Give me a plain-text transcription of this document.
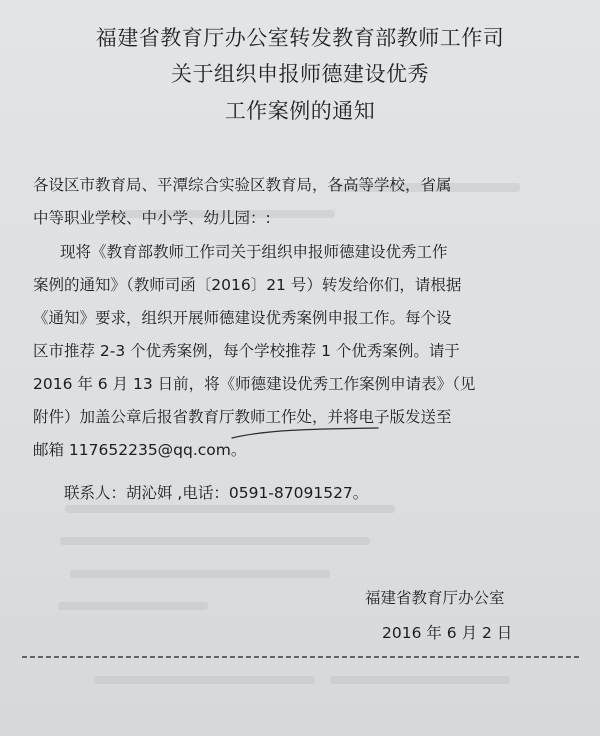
福建省教育厅办公室转发教育部教师工作司
关于组织申报师德建设优秀
工作案例的通知
各设区市教育局、平潭综合实验区教育局，各高等学校，省属
中等职业学校、中小学、幼儿园：:
现将《教育部教师工作司关于组织申报师德建设优秀工作
案例的通知》（教师司函〔2016〕21 号）转发给你们，请根据
《通知》要求，组织开展师德建设优秀案例申报工作。每个设
区市推荐 2-3 个优秀案例，每个学校推荐 1 个优秀案例。请于
2016 年 6 月 13 日前，将《师德建设优秀工作案例申请表》（见
附件）加盖公章后报省教育厅教师工作处，并将电子版发送至
邮箱 117652235@qq.com。
联系人：胡沁㛅 ,电话：0591-87091527。
福建省教育厅办公室
2016 年 6 月 2 日
